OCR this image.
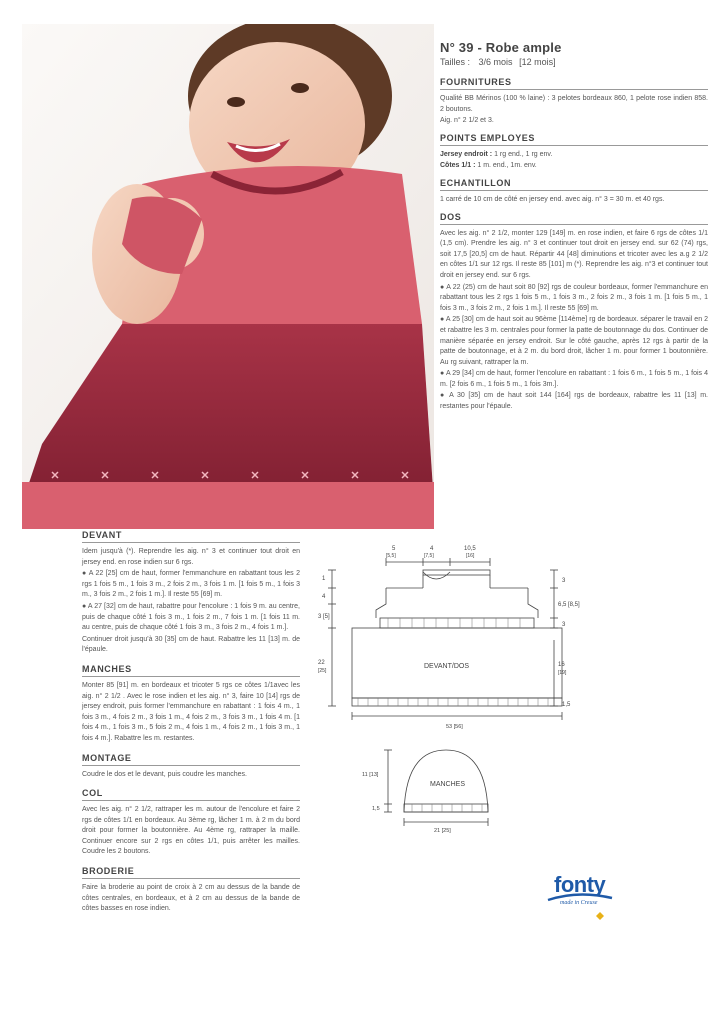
N° 39 - Robe ample
Tailles : 3/6 mois [12 mois]
FOURNITURES

Qualité BB Mérinos (100 % laine) : 3 pelotes bordeaux 860, 1 pelote rose indien 858. 2 boutons.

Aig. n° 2 1/2 et 3.

POINTS EMPLOYES

Jersey endroit : 1 rg end., 1 rg env.

Côtes 1/1 : 1 m. end., 1m. env.

ECHANTILLON

1 carré de 10 cm de côté en jersey end. avec aig. n° 3 = 30 m. et 40 rgs.

DOS

Avec les aig. n° 2 1/2, monter 129 [149] m. en rose indien, et faire 6 rgs de côtes 1/1 (1,5 cm). Prendre les aig. n° 3 et continuer tout droit en jersey end. sur 62 (74) rgs, soit 17,5 [20,5] cm de haut. Répartir 44 [48] diminutions et tricoter avec les a.g 2 1/2 en côtes 1/1 sur 12 rgs. Il reste 85 [101] m (*). Reprendre les aig. n°3 et continuer tout droit en jersey end. sur 6 rgs.

● A 22 (25) cm de haut soit 80 [92] rgs de couleur bordeaux, former l'emmanchure en rabattant tous les 2 rgs 1 fois 5 m., 1 fois 3 m., 2 fois 2 m., 3 fois 1 m. [1 fois 5 m., 1 fois 3 m., 3 fois 2 m., 2 fois 1 m.]. Il reste 55 [69] m.

● A 25 [30] cm de haut soit au 96ème [114ème] rg de bordeaux. séparer le travail en 2 et rabattre les 3 m. centrales pour former la patte de boutonnage du dos. Continuer de manière séparée en jersey endroit. Sur le côté gauche, après 12 rgs à partir de la patte de boutonnage, et à 2 m. du bord droit, lâcher 1 m. pour former 1 boutonnière. Au rg suivant, rattraper la m.

● A 29 [34] cm de haut, former l'encolure en rabattant : 1 fois 6 m., 1 fois 5 m., 1 fois 4 m. [2 fois 6 m., 1 fois 5 m., 1 fois 3m.].

● A 30 [35] cm de haut soit 144 [164] rgs de bordeaux, rabattre les 11 [13] m. restantes pour l'épaule.

DEVANT

Idem jusqu'à (*). Reprendre les aig. n° 3 et continuer tout droit en jersey end. en rose indien sur 6 rgs.

● A 22 [25] cm de haut, former l'emmanchure en rabattant tous les 2 rgs 1 fois 5 m., 1 fois 3 m., 2 fois 2 m., 3 fois 1 m. [1 fois 5 m., 1 fois 3 m., 3 fois 2 m., 2 fois 1 m.]. Il reste 55 [69] m.

● A 27 [32] cm de haut, rabattre pour l'encolure : 1 fois 9 m. au centre, puis de chaque côté 1 fois 3 m., 1 fois 2 m., 7 fois 1 m. [1 fois 11 m. au centre, puis de chaque côté 1 fois 3 m., 3 fois 2 m., 4 fois 1 m.].

Continuer droit jusqu'à 30 [35] cm de haut. Rabattre les 11 [13] m. de l'épaule.

MANCHES

Monter 85 [91] m. en bordeaux et tricoter 5 rgs ce côtes 1/1avec les aig. n° 2 1/2 . Avec le rose indien et les aig. n° 3, faire 10 [14] rgs de jersey endroit, puis former l'emmanchure en rabattant : 1 fois 4 m., 1 fois 3 m., 4 fois 2 m., 3 fois 1 m., 4 fois 2 m., 3 fois 3 m., 1 fois 4 m. [1 fois 4 m., 1 fois 3 m., 5 fois 2 m., 4 fois 1 m., 4 fois 2 m., 1 fois 3 m., 1 fois 4 m.]. Rabattre les m. restantes.

MONTAGE

Coudre le dos et le devant, puis coudre les manches.

COL

Avec les aig. n° 2 1/2, rattraper les m. autour de l'encolure et faire 2 rgs de côtes 1/1 en bordeaux. Au 3ème rg, lâcher 1 m. à 2 m du bord droit pour former la boutonnière. Au 4ème rg, rattraper la maille. Continuer encore sur 2 rgs en côtes 1/1, puis arrêter les mailles. Coudre les 2 boutons.

BRODERIE

Faire la broderie au point de croix à 2 cm au dessus de la bande de côtes centrales, en bordeaux, et à 2 cm au dessus de la bande de côtes basses en rose indien.

5
[5,5]
4
[7,5]
10,5
[16]
1
4
3 [5]
22
[25]
3
6,5 [8,5]
3
16
[19]
1,5
DEVANT/DOS
53 [56]
MANCHES
11 [13]
1,5
21 [25]
fonty
made in Creuse
